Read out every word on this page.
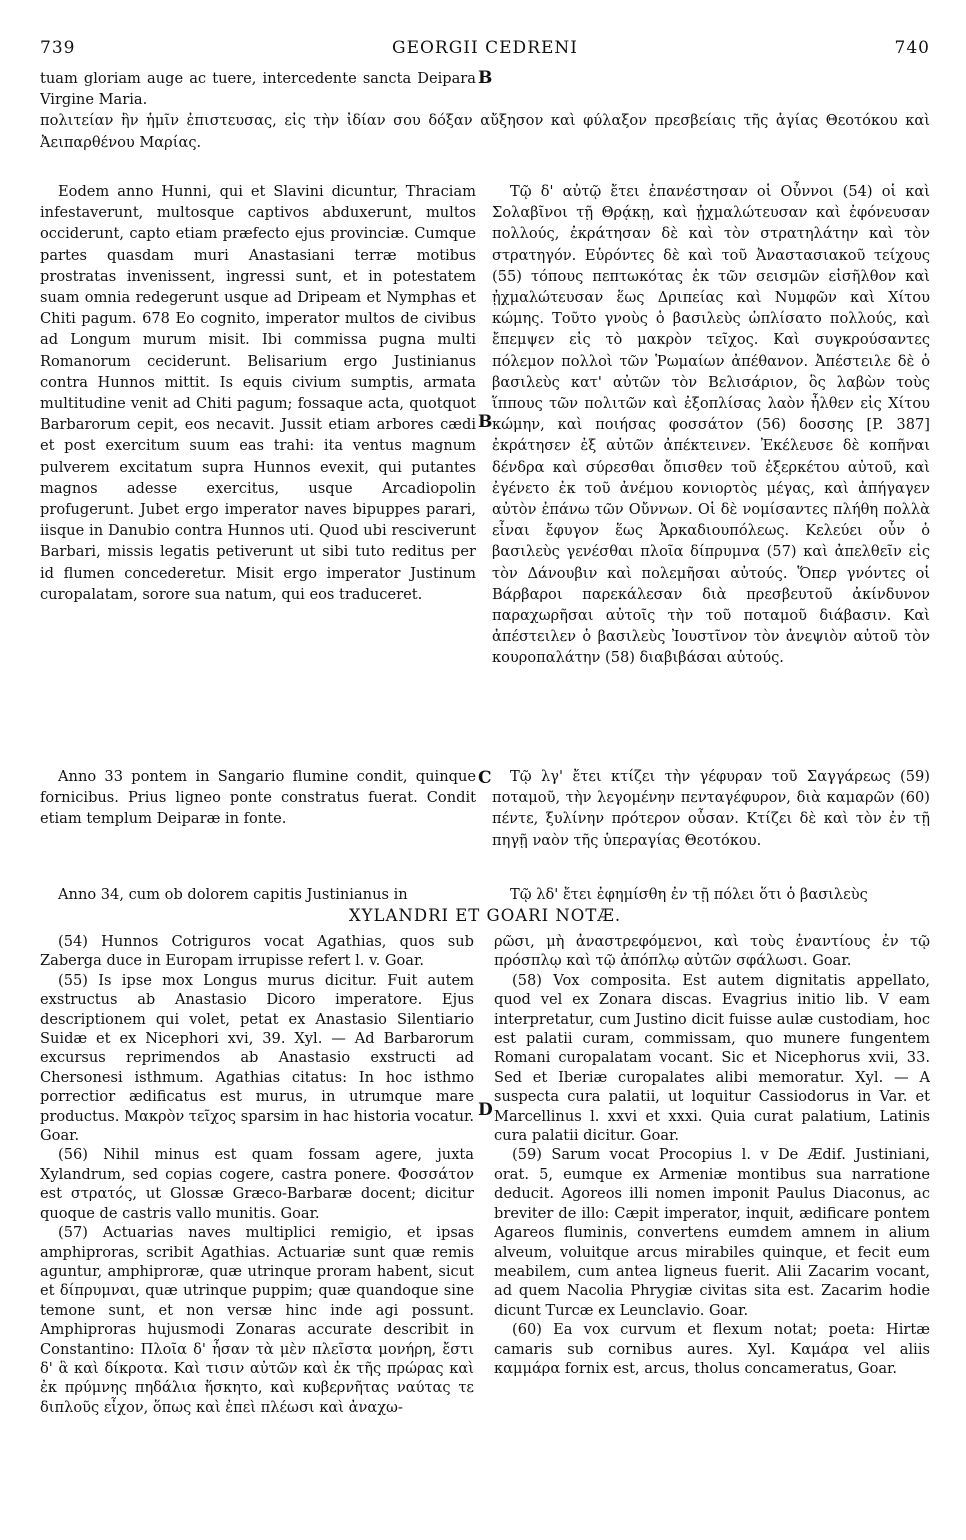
739	GEORGII CEDRENI	740

tuam gloriam auge ac tuere, intercedente sancta Deipara Virgine Maria.

πολιτείαν ἣν ἡμῖν ἐπιστευσας, εἰς τὴν ἰδίαν σου δόξαν αὔξησον καὶ φύλαξον πρεσβείαις τῆς ἁγίας Θεοτόκου καὶ Ἀειπαρθένου Μαρίας.

B

Eodem anno Hunni, qui et Slavini dicuntur, Thraciam infestaverunt, multosque captivos abduxerunt, multos occiderunt, capto etiam præfecto ejus provinciæ. Cumque partes quasdam muri Anastasiani terræ motibus prostratas invenissent, ingressi sunt, et in potestatem suam omnia redegerunt usque ad Dripeam et Nymphas et Chiti pagum. 678 Eo cognito, imperator multos de civibus ad Longum murum misit. Ibi commissa pugna multi Romanorum ceciderunt. Belisarium ergo Justinianus contra Hunnos mittit. Is equis civium sumptis, armata multitudine venit ad Chiti pagum; fossaque acta, quotquot Barbarorum cepit, eos necavit. Jussit etiam arbores cædi et post exercitum suum eas trahi: ita ventus magnum pulverem excitatum supra Hunnos evexit, qui putantes magnos adesse exercitus, usque Arcadiopolin profugerunt. Jubet ergo imperator naves bipuppes parari, iisque in Danubio contra Hunnos uti. Quod ubi resciverunt Barbari, missis legatis petiverunt ut sibi tuto reditus per id flumen concederetur. Misit ergo imperator Justinum curopalatam, sorore sua natum, qui eos traduceret.

Τῷ δ' αὐτῷ ἔτει ἐπανέστησαν οἱ Οὖννοι (54) οἱ καὶ Σολαβῖνοι τῇ Θρᾴκῃ, καὶ ᾐχμαλώτευσαν καὶ ἐφόνευσαν πολλούς, ἐκράτησαν δὲ καὶ τὸν στρατηλάτην καὶ τὸν στρατηγόν. Εὑρόντες δὲ καὶ τοῦ Ἀναστασιακοῦ τείχους (55) τόπους πεπτωκότας ἐκ τῶν σεισμῶν εἰσῆλθον καὶ ᾐχμαλώτευσαν ἕως Δριπείας καὶ Νυμφῶν καὶ Χίτου κώμης. Τοῦτο γνοὺς ὁ βασιλεὺς ὡπλίσατο πολλούς, καὶ ἔπεμψεν εἰς τὸ μακρὸν τεῖχος. Καὶ συγκρούσαντες πόλεμον πολλοὶ τῶν Ῥωμαίων ἀπέθανον. Ἀπέστειλε δὲ ὁ βασιλεὺς κατ' αὐτῶν τὸν Βελισάριον, ὃς λαβὼν τοὺς ἵππους τῶν πολιτῶν καὶ ἐξοπλίσας λαὸν ἦλθεν εἰς Χίτου κώμην, καὶ ποιήσας φοσσάτον (56) δοσσης [P. 387] ἐκράτησεν ἐξ αὐτῶν ἀπέκτεινεν. Ἐκέλευσε δὲ κοπῆναι δένδρα καὶ σύρεσθαι ὄπισθεν τοῦ ἐξερκέτου αὐτοῦ, καὶ ἐγένετο ἐκ τοῦ ἀνέμου κονιορτὸς μέγας, καὶ ἀπήγαγεν αὐτὸν ἐπάνω τῶν Οὔννων. Οἱ δὲ νομίσαντες πλήθη πολλὰ εἶναι ἔφυγον ἕως Ἀρκαδιουπόλεως. Κελεύει οὖν ὁ βασιλεὺς γενέσθαι πλοῖα δίπρυμνα (57) καὶ ἀπελθεῖν εἰς τὸν Δάνουβιν καὶ πολεμῆσαι αὐτούς. Ὅπερ γνόντες οἱ Βάρβαροι παρεκάλεσαν διὰ πρεσβευτοῦ ἀκίνδυνον παραχωρῆσαι αὐτοῖς τὴν τοῦ ποταμοῦ διάβασιν. Καὶ ἀπέστειλεν ὁ βασιλεὺς Ἰουστῖνον τὸν ἀνεψιὸν αὐτοῦ τὸν κουροπαλάτην (58) διαβιβάσαι αὐτούς.

B

Anno 33 pontem in Sangario flumine condit, quinque fornicibus. Prius ligneo ponte constratus fuerat. Condit etiam templum Deiparæ in fonte.

Τῷ λγ' ἔτει κτίζει τὴν γέφυραν τοῦ Σαγγάρεως (59) ποταμοῦ, τὴν λεγομένην πενταγέφυρον, διὰ καμαρῶν (60) πέντε, ξυλίνην πρότερον οὖσαν. Κτίζει δὲ καὶ τὸν ἐν τῇ πηγῇ ναὸν τῆς ὑπεραγίας Θεοτόκου.

C

Anno 34, cum ob dolorem capitis Justinianus in	Τῷ λδ' ἔτει ἐφημίσθη ἐν τῇ πόλει ὅτι ὁ βασιλεὺς

XYLANDRI ET GOARI NOTÆ.

(54) Hunnos Cotriguros vocat Agathias, quos sub Zaberga duce in Europam irrupisse refert l. v. Goar.

(55) Is ipse mox Longus murus dicitur. Fuit autem exstructus ab Anastasio Dicoro imperatore. Ejus descriptionem qui volet, petat ex Anastasio Silentiario Suidæ et ex Nicephori xvi, 39. Xyl. — Ad Barbarorum excursus reprimendos ab Anastasio exstructi ad Chersonesi isthmum. Agathias citatus: In hoc isthmo porrectior ædificatus est murus, in utrumque mare productus. Μακρὸν τεῖχος sparsim in hac historia vocatur. Goar.

(56) Nihil minus est quam fossam agere, juxta Xylandrum, sed copias cogere, castra ponere. Φοσσάτον est στρατός, ut Glossæ Græco-Barbaræ docent; dicitur quoque de castris vallo munitis. Goar.

(57) Actuarias naves multiplici remigio, et ipsas amphiproras, scribit Agathias. Actuariæ sunt quæ remis aguntur, amphiproræ, quæ utrinque proram habent, sicut et δίπρυμναι, quæ utrinque puppim; quæ quandoque sine temone sunt, et non versæ hinc inde agi possunt. Amphiproras hujusmodi Zonaras accurate describit in Constantino: Πλοῖα δ' ἦσαν τὰ μὲν πλεῖστα μονήρη, ἔστι δ' ἃ καὶ δίκροτα. Καὶ τισιν αὐτῶν καὶ ἐκ τῆς πρώρας καὶ ἐκ πρύμνης πηδάλια ἥσκητο, καὶ κυβερνῆτας ναύτας τε διπλοῦς εἶχον, ὅπως καὶ ἐπεὶ πλέωσι καὶ ἀναχω-

D

ρῶσι, μὴ ἀναστρεφόμενοι, καὶ τοὺς ἐναντίους ἐν τῷ πρόσπλῳ καὶ τῷ ἀπόπλῳ αὐτῶν σφάλωσι. Goar.

(58) Vox composita. Est autem dignitatis appellato, quod vel ex Zonara discas. Evagrius initio lib. V eam interpretatur, cum Justino dicit fuisse aulæ custodiam, hoc est palatii curam, commissam, quo munere fungentem Romani curopalatam vocant. Sic et Nicephorus xvii, 33. Sed et Iberiæ curopalates alibi memoratur. Xyl. — A suspecta cura palatii, ut loquitur Cassiodorus in Var. et Marcellinus l. xxvi et xxxi. Quia curat palatium, Latinis cura palatii dicitur. Goar.

(59) Sarum vocat Procopius l. v De Ædif. Justiniani, orat. 5, eumque ex Armeniæ montibus sua narratione deducit. Agoreos illi nomen imponit Paulus Diaconus, ac breviter de illo: Cæpit imperator, inquit, ædificare pontem Agareos fluminis, convertens eumdem amnem in alium alveum, voluitque arcus mirabiles quinque, et fecit eum meabilem, cum antea ligneus fuerit. Alii Zacarim vocant, ad quem Nacolia Phrygiæ civitas sita est. Zacarim hodie dicunt Turcæ ex Leunclavio. Goar.

(60) Ea vox curvum et flexum notat; poeta: Hirtæ camaris sub cornibus aures. Xyl. Καμάρα vel aliis καμμάρα fornix est, arcus, tholus concameratus, Goar.
